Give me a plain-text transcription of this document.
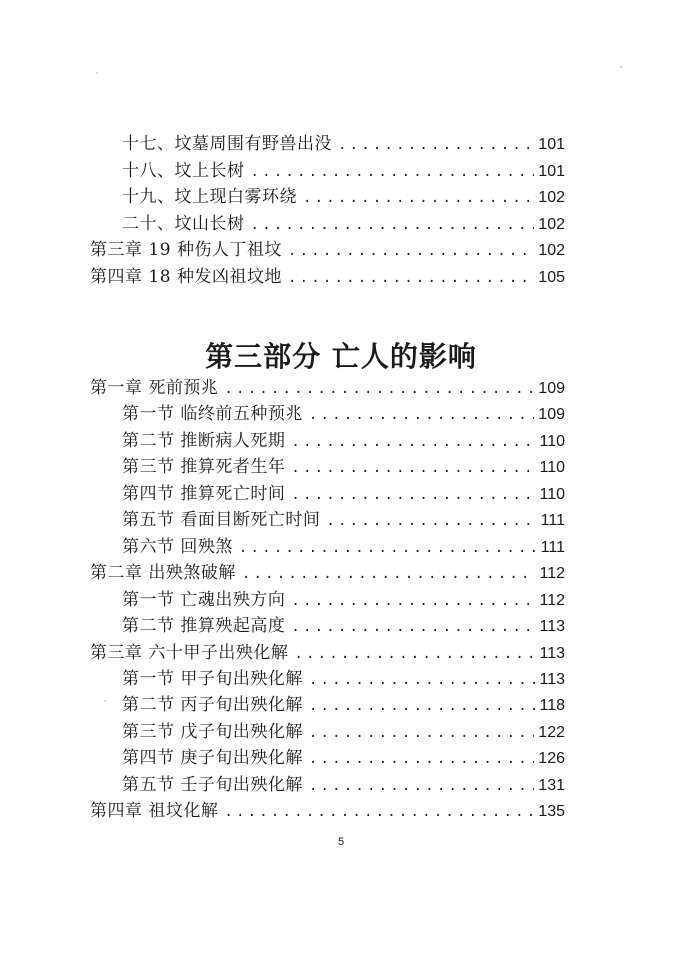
十七、坟墓周围有野兽出没 .....	101
十八、坟上长树 .....	101
十九、坟上现白雾环绕 .....	102
二十、坟山长树 .....	102
第三章 19 种伤人丁祖坟 .....	102
第四章 18 种发凶祖坟地 .....	105
第三部分 亡人的影响
第一章 死前预兆 .....	109
第一节 临终前五种预兆 .....	109
第二节 推断病人死期 .....	110
第三节 推算死者生年 .....	110
第四节 推算死亡时间 .....	110
第五节 看面目断死亡时间 .....	111
第六节 回殃煞 .....	111
第二章 出殃煞破解 .....	112
第一节 亡魂出殃方向 .....	112
第二节 推算殃起高度 .....	113
第三章 六十甲子出殃化解 .....	113
第一节 甲子旬出殃化解 .....	113
第二节 丙子旬出殃化解 .....	118
第三节 戊子旬出殃化解 .....	122
第四节 庚子旬出殃化解 .....	126
第五节 壬子旬出殃化解 .....	131
第四章 祖坟化解 .....	135
5
